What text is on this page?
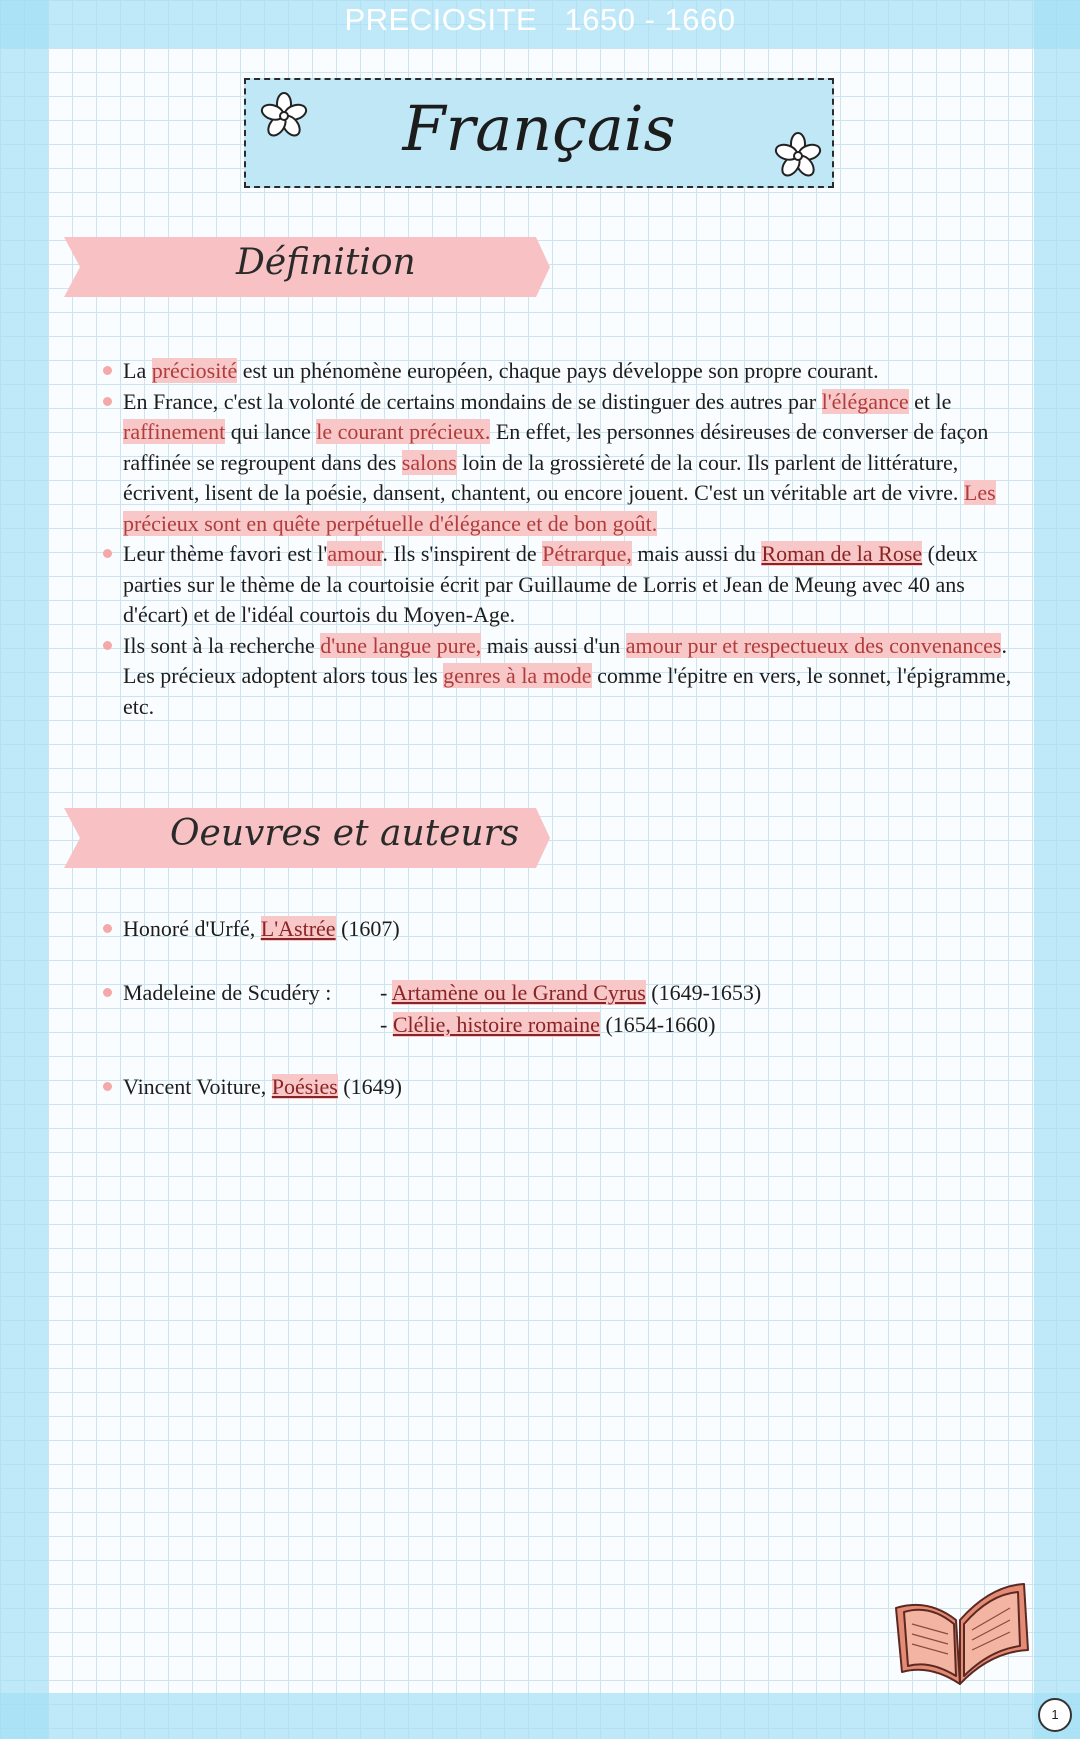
PRECIOSITE   1650 - 1660
Français
Définition
La préciosité est un phénomène européen, chaque pays développe son propre courant.
En France, c'est la volonté de certains mondains de se distinguer des autres par l'élégance et le raffinement qui lance le courant précieux. En effet, les personnes désireuses de converser de façon raffinée se regroupent dans des salons loin de la grossièreté de la cour. Ils parlent de littérature, écrivent, lisent de la poésie, dansent, chantent, ou encore jouent. C'est un véritable art de vivre. Les précieux sont en quête perpétuelle d'élégance et de bon goût.
Leur thème favori est l'amour. Ils s'inspirent de Pétrarque, mais aussi du Roman de la Rose (deux parties sur le thème de la courtoisie écrit par Guillaume de Lorris et Jean de Meung avec 40 ans d'écart) et de l'idéal courtois du Moyen-Age.
Ils sont à la recherche d'une langue pure, mais aussi d'un amour pur et respectueux des convenances. Les précieux adoptent alors tous les genres à la mode comme l'épitre en vers, le sonnet, l'épigramme, etc.
Oeuvres et auteurs
Honoré d'Urfé, L'Astrée (1607)
Madeleine de Scudéry : - Artamène ou le Grand Cyrus (1649-1653)
- Clélie, histoire romaine (1654-1660)
Vincent Voiture, Poésies (1649)
1
